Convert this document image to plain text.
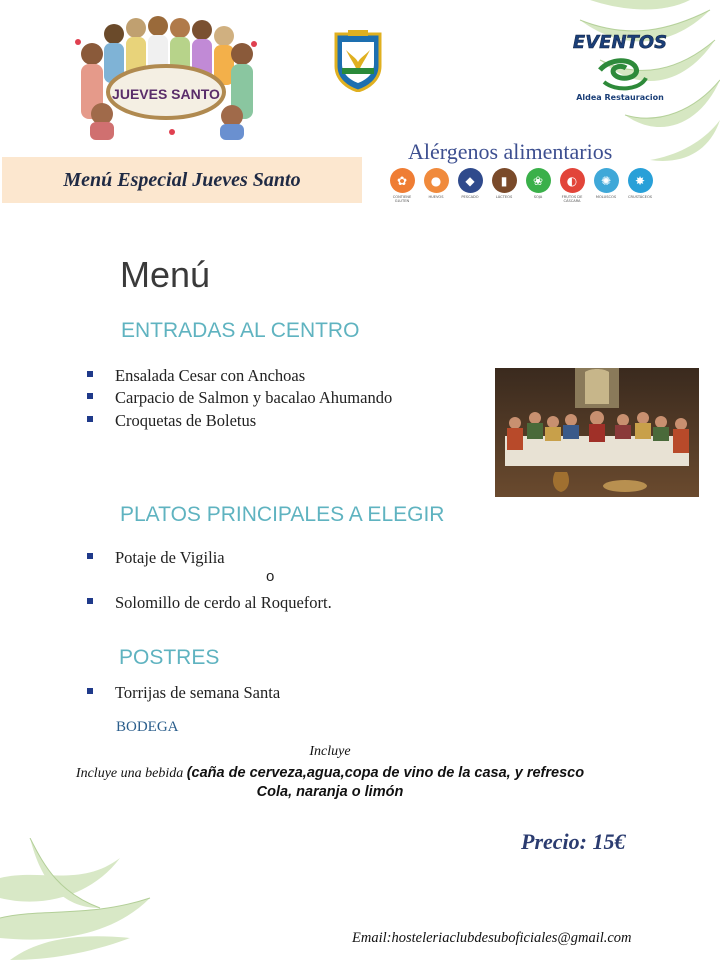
JUEVES SANTO
EVENTOS
Aldea Restauracion
Menú Especial Jueves Santo
Alérgenos alimentarios
✿
CONTIENE GLUTEN
●
HUEVOS
◆
PESCADO
▮
LÁCTEOS
❀
SOJA
◐
FRUTOS DE CÁSCARA
✺
MOLUSCOS
✸
CRUSTÁCEOS
Menú
ENTRADAS AL CENTRO
Ensalada Cesar con Anchoas
Carpacio de Salmon y bacalao Ahumando
Croquetas de Boletus
PLATOS PRINCIPALES A ELEGIR
Potaje de Vigilia
o
Solomillo de cerdo al Roquefort.
POSTRES
Torrijas de semana Santa
BODEGA
Incluye
Incluye una bebida (caña de cerveza,agua,copa de vino de la casa, y refresco
Cola, naranja o limón
Precio: 15€
Email:hosteleriaclubdesuboficiales@gmail.com
